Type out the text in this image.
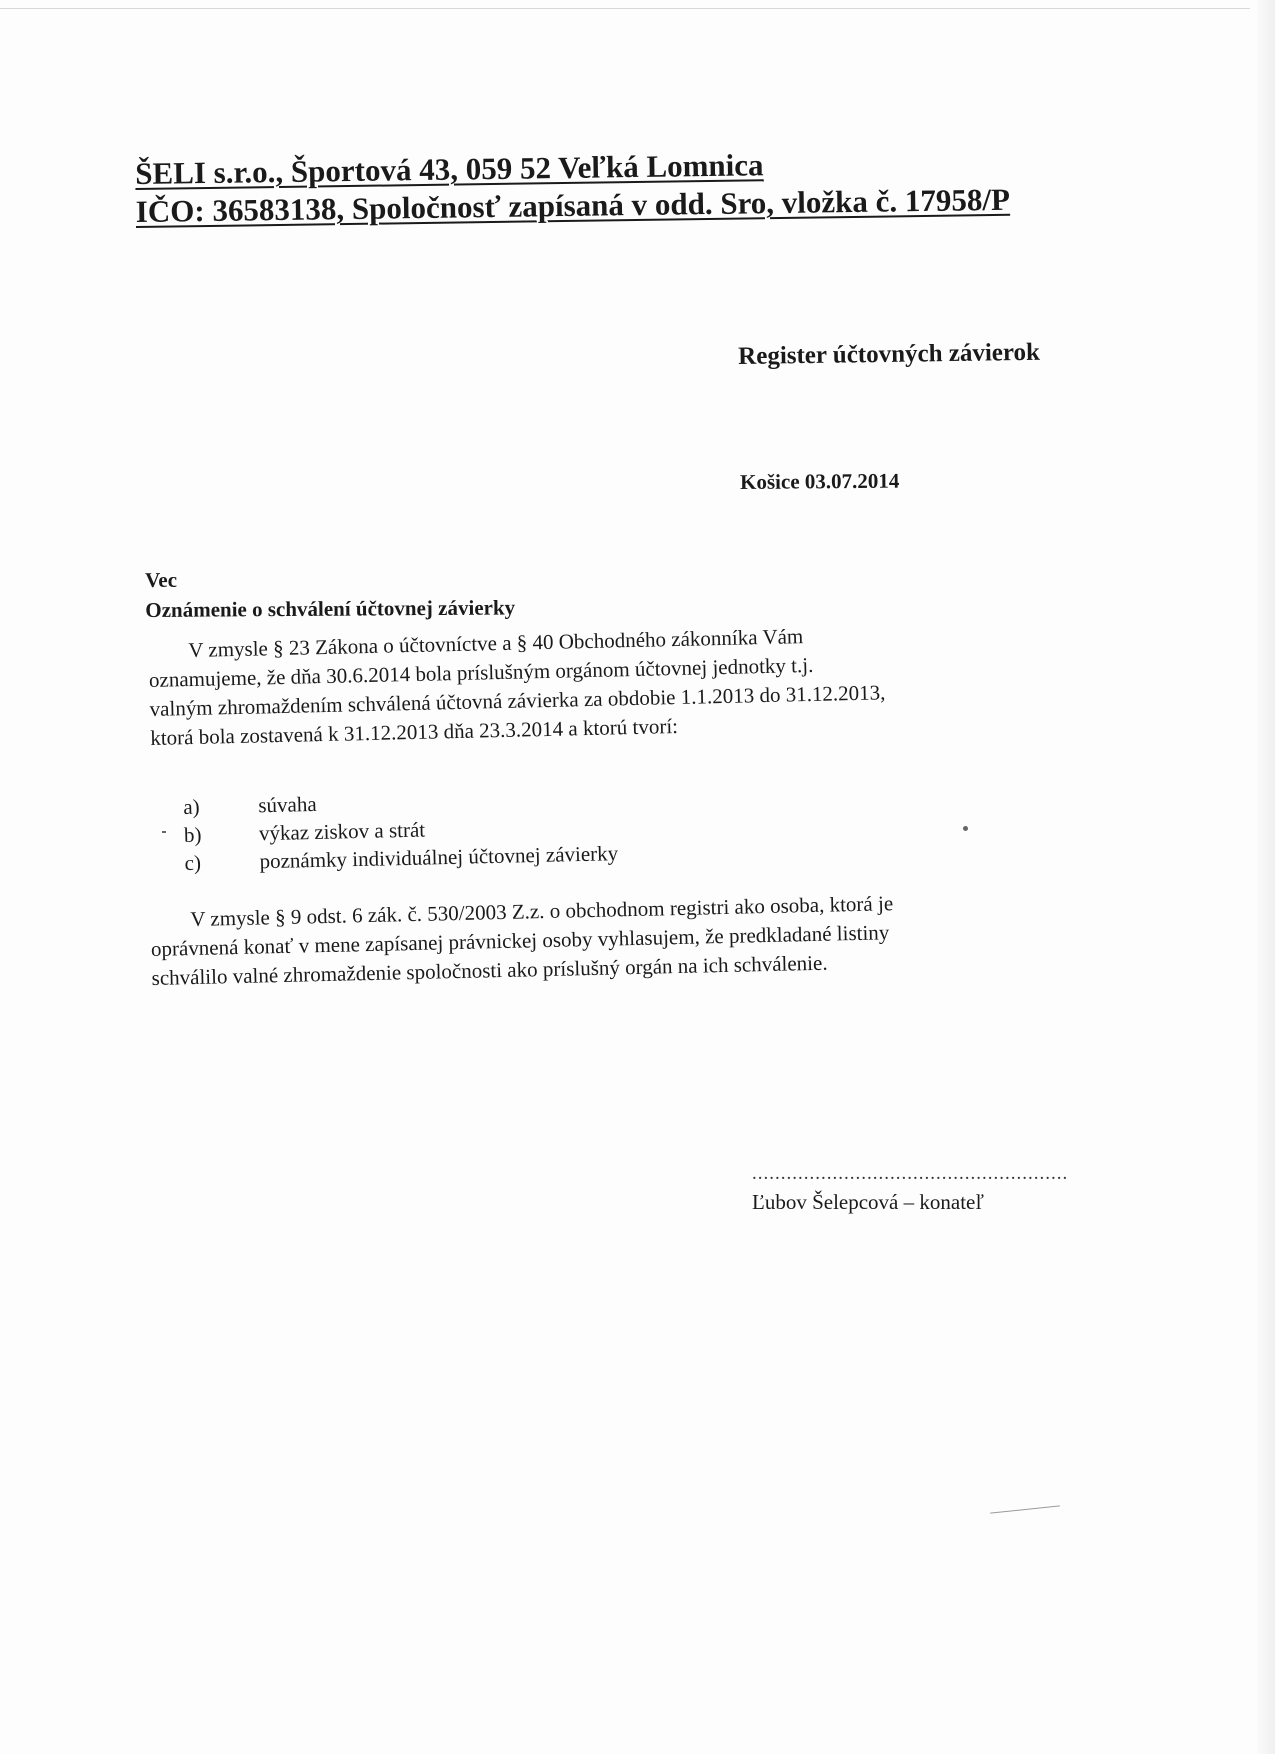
ŠELI s.r.o., Športová 43, 059 52 Veľká Lomnica
IČO: 36583138, Spoločnosť zapísaná v odd. Sro, vložka č. 17958/P
Register účtovných závierok
Košice 03.07.2014
Vec
Oznámenie o schválení účtovnej závierky

V zmysle § 23 Zákona o účtovníctve a § 40 Obchodného zákonníka Vám

oznamujeme, že dňa 30.6.2014 bola príslušným orgánom účtovnej jednotky t.j.

valným zhromaždením schválená účtovná závierka za obdobie 1.1.2013 do 31.12.2013,

ktorá bola zostavená k 31.12.2013 dňa 23.3.2014 a ktorú tvorí:

a)	súvaha
b)	výkaz ziskov a strát
c)	poznámky individuálnej účtovnej závierky

V zmysle § 9 odst. 6 zák. č. 530/2003 Z.z. o obchodnom registri ako osoba, ktorá je

oprávnená konať v mene zapísanej právnickej osoby vyhlasujem, že predkladané listiny

schválilo valné zhromaždenie spoločnosti ako príslušný orgán na ich schválenie.

.......................................................
Ľubov Šelepcová – konateľ
